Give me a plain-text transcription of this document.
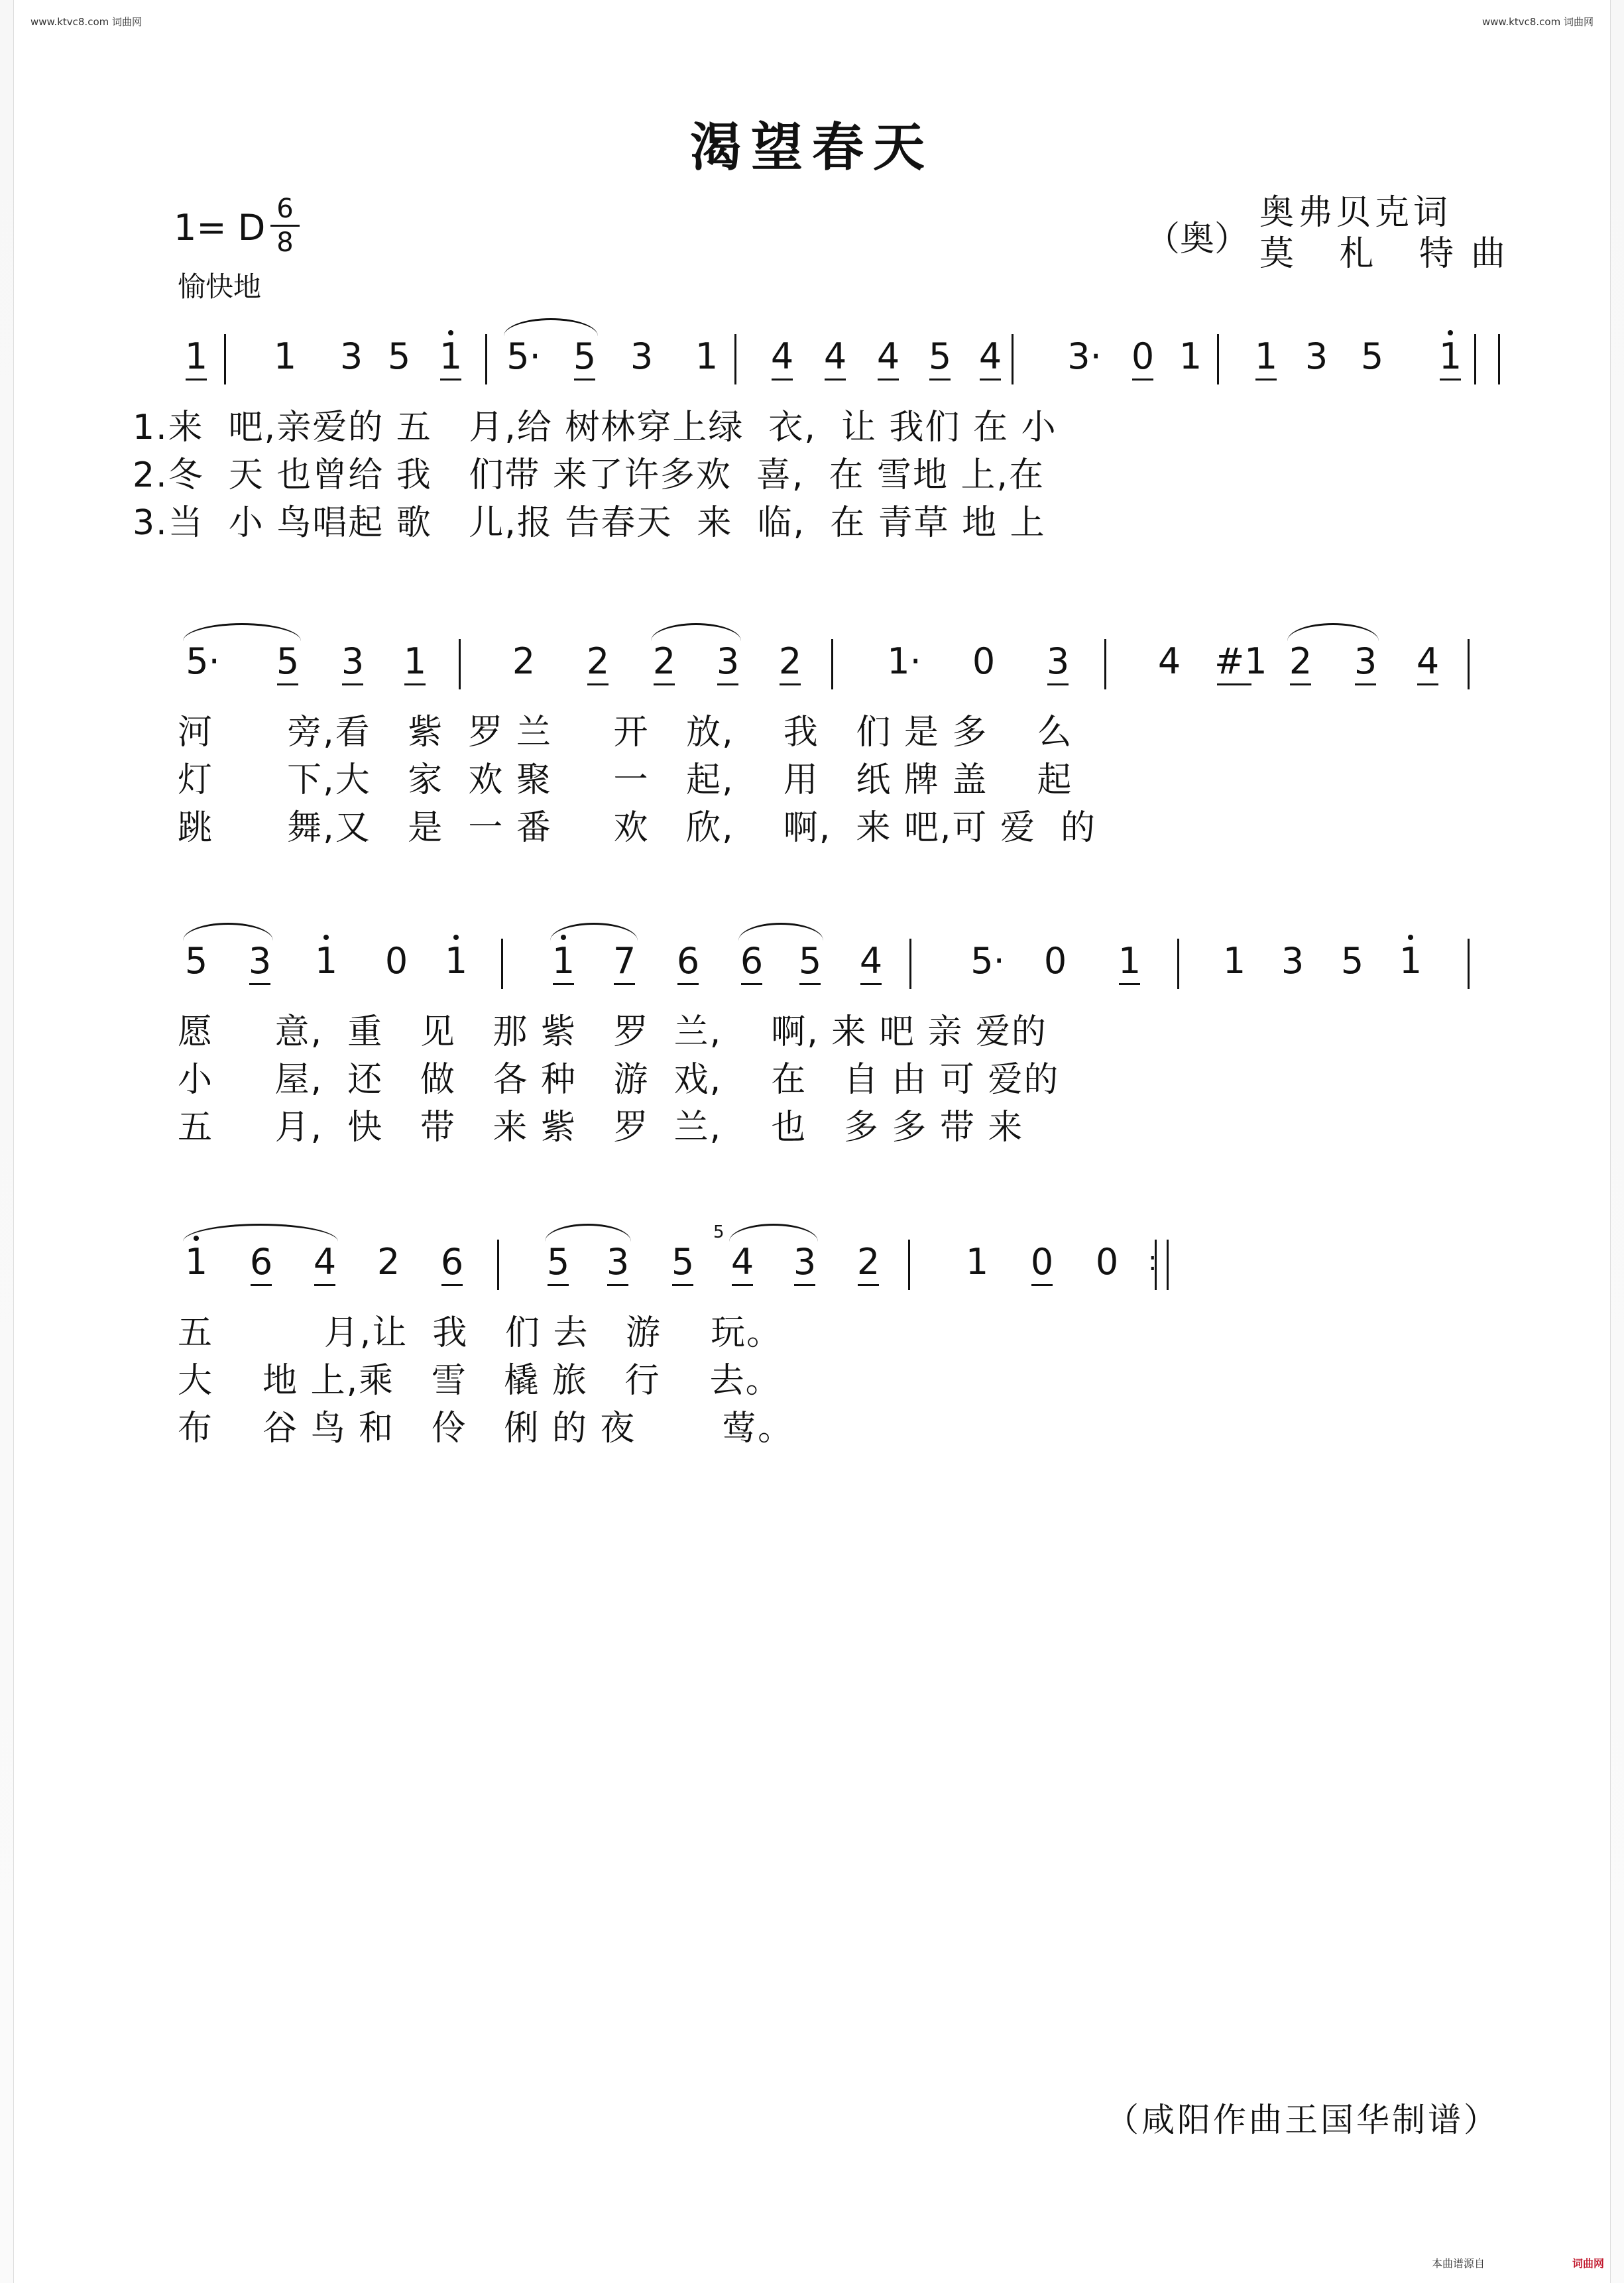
www.ktvc8.com 词曲网	www.ktvc8.com 词曲网
渴望春天
1= D 6
8
愉快地
（奥）
奥弗贝克词
莫 札 特曲
1 1 3 5 1 5· 5 3 1 4 4 4 5 4 3· 0 1 1 3 5 1
1.来  吧,亲爱的 五   月,给 树林穿上绿  衣,  让 我们 在 小
2.冬  天 也曾给 我   们带 来了许多欢  喜,  在 雪地 上,在
3.当  小 鸟唱起 歌   儿,报 告春天  来  临,  在 青草 地 上
5· 5 3 1 2 2 2 3 2 1· 0 3 4 #1 2 3 4
河      旁,看   紫  罗 兰     开   放,    我   们 是 多    么
灯      下,大   家  欢 聚     一   起,    用   纸 牌 盖    起
跳      舞,又   是  一 番     欢   欣,    啊,  来 吧,可 爱  的
5 3 1 0 1 1 7 6 6 5 4 5· 0 1 1 3 5 1
愿     意,  重   见   那 紫   罗  兰,    啊, 来 吧 亲 爱的
小     屋,  还   做   各 种   游  戏,    在   自 由 可 爱的
五     月,  快   带   来 紫   罗  兰,    也   多 多 带 来
1 6 4 2 6 5 3 5 4 3 2 1 0 0
五         月,让  我   们 去   游    玩。
大    地 上,乘   雪   橇 旅   行    去。
布    谷 鸟 和   伶   俐 的 夜       莺。
5
:
（咸阳作曲王国华制谱）
本曲谱源自	词曲网
